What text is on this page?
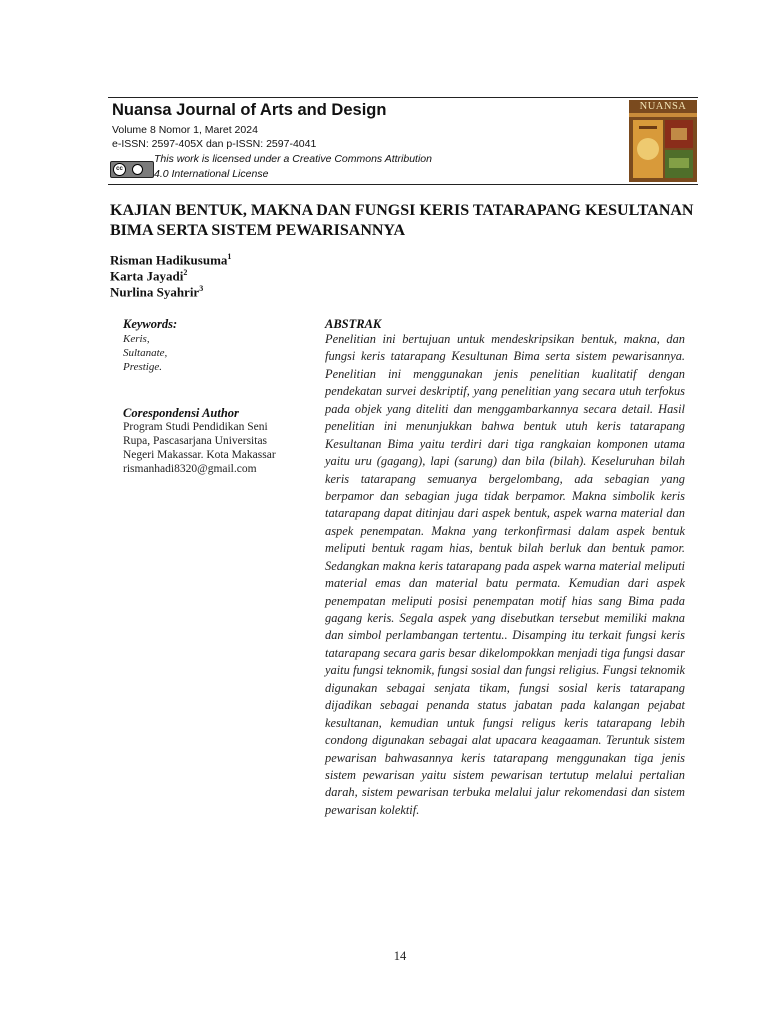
Nuansa Journal of Arts and Design
Volume 8 Nomor 1, Maret 2024
e-ISSN: 2597-405X dan p-ISSN: 2597-4041
This work is licensed under a Creative Commons Attribution
cc	4.0 International License
NUANSA
KAJIAN BENTUK, MAKNA DAN FUNGSI KERIS TATARAPANG KESULTANAN BIMA SERTA SISTEM PEWARISANNYA
Risman Hadikusuma$^1$
Karta Jayadi$^2$
Nurlina Syahrir$^3$
Keywords:
Keris,
Sultanate,
Prestige.
Corespondensi Author
Program Studi Pendidikan Seni
Rupa, Pascasarjana Universitas
Negeri Makassar. Kota Makassar
rismanhadi8320@gmail.com
ABSTRAK

Penelitian ini bertujuan untuk mendeskripsikan bentuk, makna, dan fungsi keris tatarapang Kesultunan Bima serta sistem pewarisannya. Penelitian ini menggunakan jenis penelitian kualitatif dengan pendekatan survei deskriptif, yang penelitian yang secara utuh terfokus pada objek yang diteliti dan menggambarkannya secara detail. Hasil penelitian ini menunjukkan bahwa bentuk utuh keris tatarapang Kesultanan Bima yaitu terdiri dari tiga rangkaian komponen utama yaitu uru (gagang), lapi (sarung) dan bila (bilah). Keseluruhan bilah keris tatarapang semuanya bergelombang, ada sebagian yang berpamor dan sebagian juga tidak berpamor. Makna simbolik keris tatarapang dapat ditinjau dari aspek bentuk, aspek warna material dan aspek penempatan. Makna yang terkonfirmasi dalam aspek bentuk meliputi bentuk ragam hias, bentuk bilah berluk dan bentuk pamor. Sedangkan makna keris tatarapang pada aspek warna material meliputi material emas dan material batu permata. Kemudian dari aspek penempatan meliputi posisi penempatan motif hias sang Bima pada gagang keris. Segala aspek yang disebutkan tersebut memiliki makna dan simbol perlambangan tertentu.. Disamping itu terkait fungsi keris tatarapang secara garis besar dikelompokkan menjadi tiga fungsi dasar yaitu fungsi teknomik, fungsi sosial dan fungsi religius. Fungsi teknomik digunakan sebagai senjata tikam, fungsi sosial keris tatarapang dijadikan sebagai penanda status jabatan pada kalangan pejabat kesultanan, kemudian untuk fungsi religus keris tatarapang lebih condong digunakan sebagai alat upacara keagaaman. Teruntuk sistem pewarisan bahwasannya keris tatarapang menggunakan tiga jenis sistem pewarisan yaitu sistem pewarisan tertutup melalui pertalian darah, sistem pewarisan terbuka melalui jalur rekomendasi dan sistem pewarisan kolektif.

14
